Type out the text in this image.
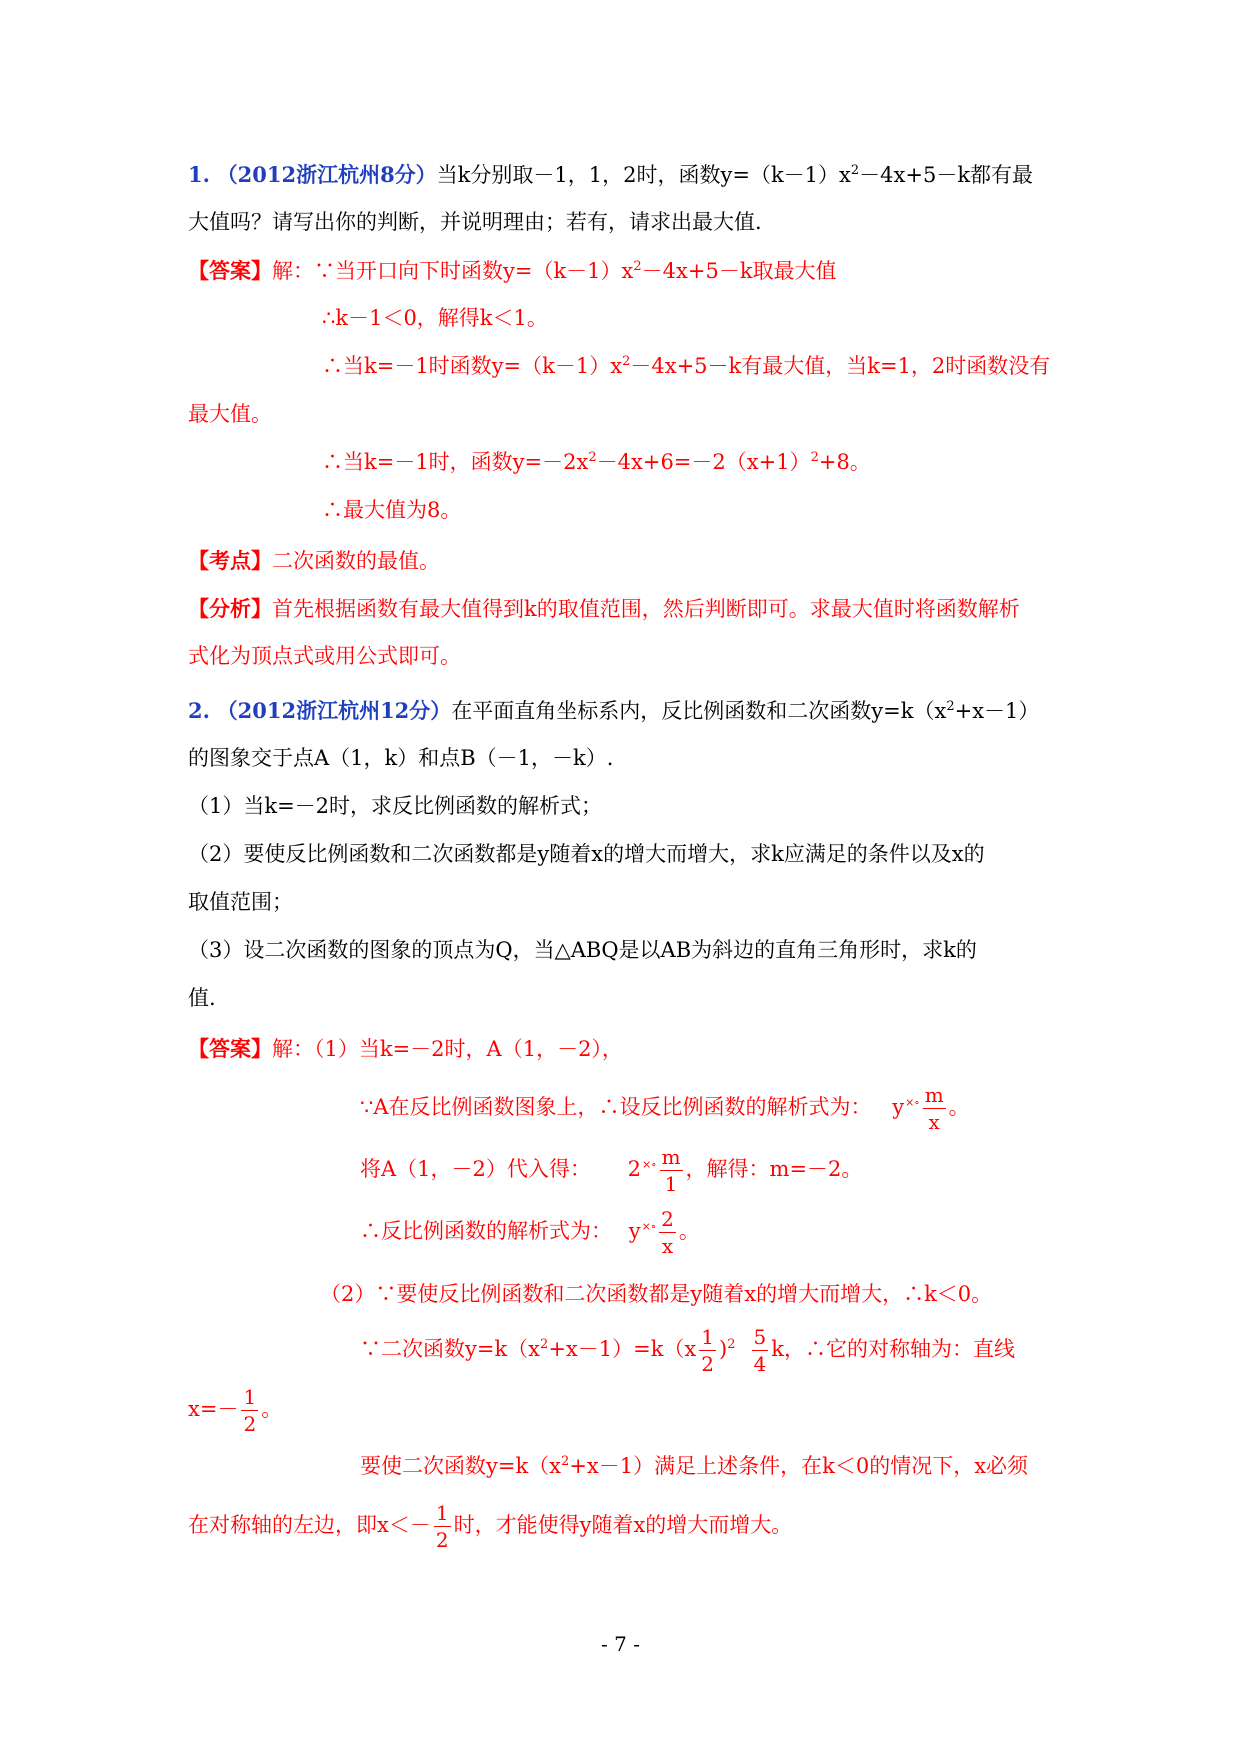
1. （2012浙江杭州8分）当k分别取－1，1，2时，函数$y=(k-1)x^2-4x+5-k$都有最
大值吗？请写出你的判断，并说明理由；若有，请求出最大值.
【答案】解：∵当开口向下时函数$y=(k-1)x^2-4x+5-k$取最大值
∴k－1＜0，解得k＜1。
∴当k=－1时函数$y=(k-1)x^2-4x+5-k$有最大值，当k=1，2时函数没有
最大值。
∴当k=－1时，函数$y=-2x^2-4x+6=-2(x+1)^2+8$。
∴最大值为8。
【考点】二次函数的最值。
【分析】首先根据函数有最大值得到k的取值范围，然后判断即可。求最大值时将函数解析
式化为顶点式或用公式即可。
2. （2012浙江杭州12分）在平面直角坐标系内，反比例函数和二次函数$y=k(x^2+x-1)$
的图象交于点A（1，k）和点B（－1，－k）.
（1）当k=－2时，求反比例函数的解析式；
（2）要使反比例函数和二次函数都是y随着x的增大而增大，求k应满足的条件以及x的
取值范围；
（3）设二次函数的图象的顶点为Q，当△ABQ是以AB为斜边的直角三角形时，求k的
值.
【答案】解：（1）当k=－2时，A（1，－2），
∵A在反比例函数图象上，∴设反比例函数的解析式为： $y^{\times\circ} \frac{m}{x}$ 。
将A（1，－2）代入得： $2^{\times\circ} \frac{m}{1}$ ，解得：m=－2。
∴反比例函数的解析式为： $y^{\times\circ} \frac{2}{x}$ 。
（2）∵要使反比例函数和二次函数都是y随着x的增大而增大，∴k＜0。
∵二次函数$y=k(x^2+x-1)=k(x \frac{1}{2} )^2 \frac{5}{4}$ k，∴它的对称轴为：直线
$x=- \frac{1}{2}$ 。
要使二次函数$y=k(x^2+x-1)$满足上述条件，在k＜0的情况下，x必须
在对称轴的左边，即$x<- \frac{1}{2}$ 时，才能使得y随着x的增大而增大。
- 7 -
